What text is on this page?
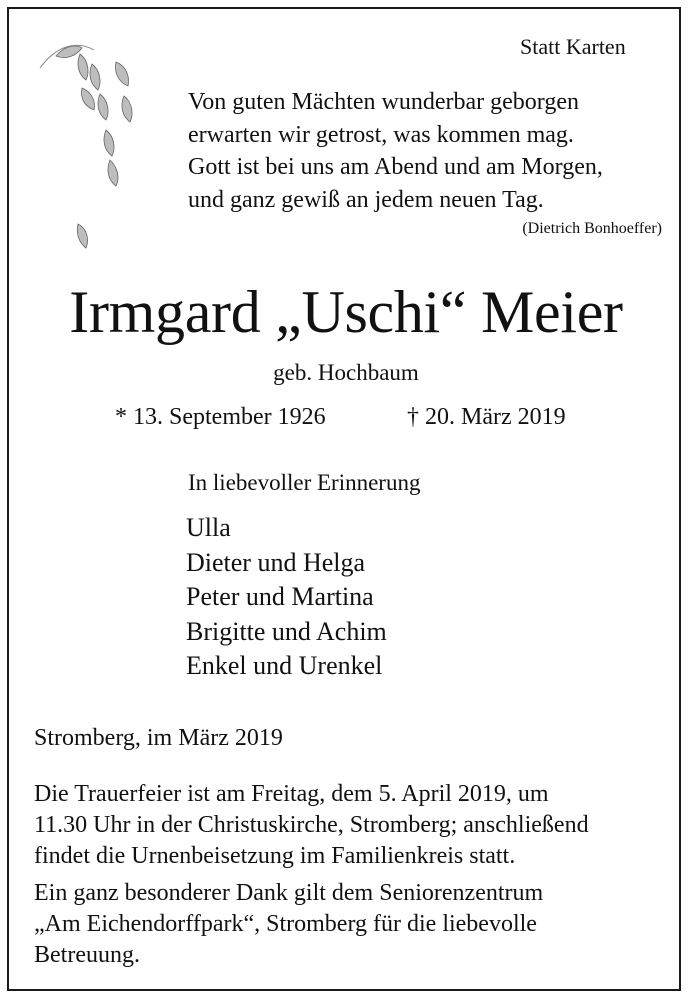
Statt Karten
Von guten Mächten wunderbar geborgen
erwarten wir getrost, was kommen mag.
Gott ist bei uns am Abend und am Morgen,
und ganz gewiß an jedem neuen Tag.
(Dietrich Bonhoeffer)
Irmgard „Uschi“ Meier
geb. Hochbaum
* 13. September 1926	† 20. März 2019
In liebevoller Erinnerung
Ulla
Dieter und Helga
Peter und Martina
Brigitte und Achim
Enkel und Urenkel
Stromberg, im März 2019
Die Trauerfeier ist am Freitag, dem 5. April 2019, um
11.30 Uhr in der Christuskirche, Stromberg; anschließend
findet die Urnenbeisetzung im Familienkreis statt.
Ein ganz besonderer Dank gilt dem Seniorenzentrum
„Am Eichendorffpark“, Stromberg für die liebevolle
Betreuung.
